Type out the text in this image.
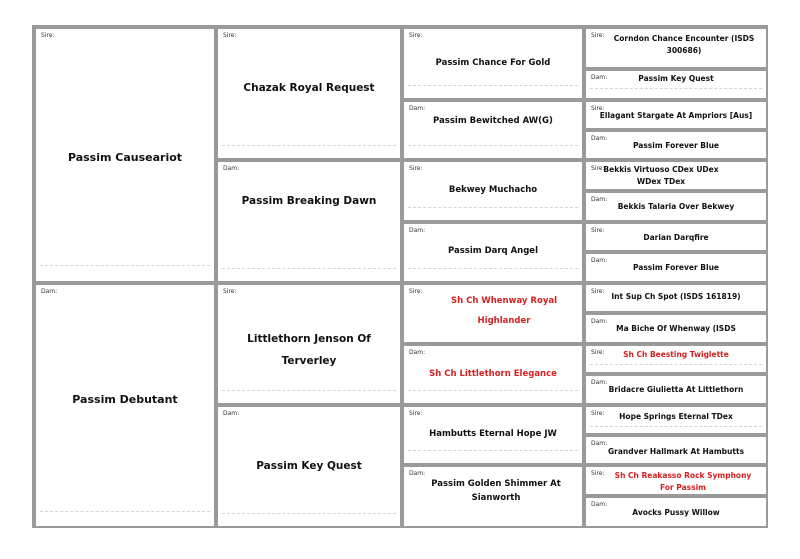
Sire:
Passim Causeariot
Dam:
Passim Debutant
Sire:
Chazak Royal Request
Dam:
Passim Breaking Dawn
Sire:
Littlethorn Jenson Of Terverley
Dam:
Passim Key Quest
Sire:
Passim Chance For Gold
Dam:
Passim Bewitched AW(G)
Sire:
Bekwey Muchacho
Dam:
Passim Darq Angel
Sire:
Sh Ch Whenway Royal Highlander
Dam:
Sh Ch Littlethorn Elegance
Sire:
Hambutts Eternal Hope JW
Dam:
Passim Golden Shimmer At Sianworth
Sire: Corndon Chance Encounter (ISDS 300686)
Dam:	Passim Key Quest
Sire:
Ellagant Stargate At Ampriors [Aus]
Dam:
Passim Forever Blue
Sire:
Bekkis Virtuoso CDex UDex WDex TDex
Dam:
Bekkis Talaria Over Bekwey
Sire:
Darian Darqfire
Dam:
Passim Forever Blue
Sire:
Int Sup Ch Spot (ISDS 161819)
Dam:
Ma Biche Of Whenway (ISDS
Sire:	Sh Ch Beesting Twiglette
Dam:
Bridacre Giulietta At Littlethorn
Sire:	Hope Springs Eternal TDex
Dam:
Grandver Hallmark At Hambutts
Sire:	Sh Ch Reakasso Rock Symphony For Passim
Dam:
Avocks Pussy Willow
